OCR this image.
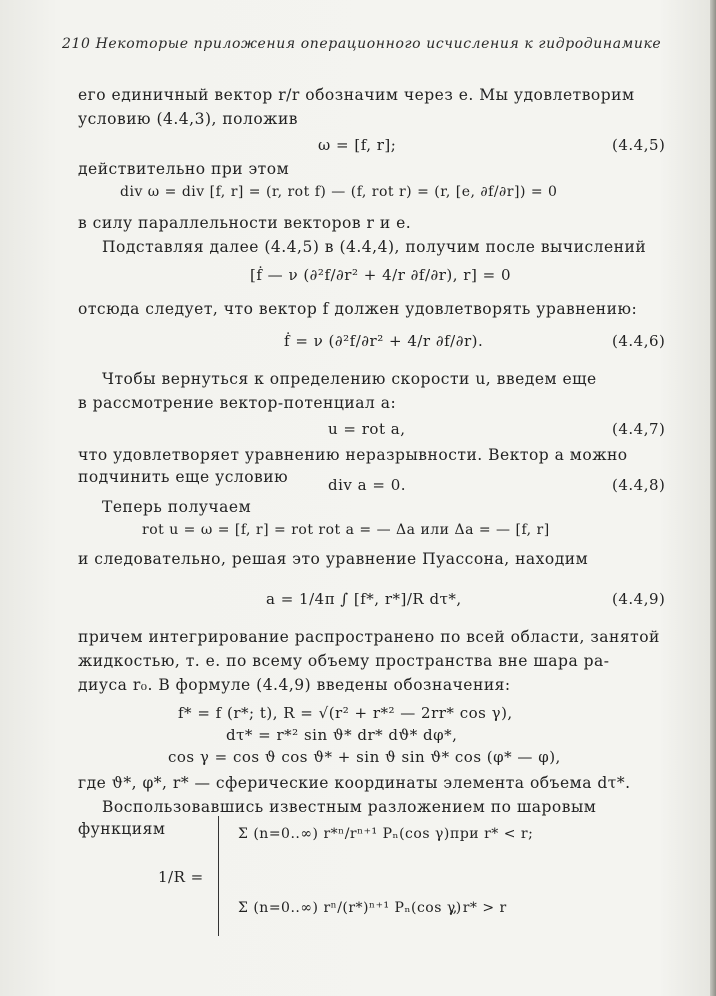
210 Некоторые приложения операционного исчисления к гидродинамике
его единичный вектор r/r обозначим через e. Мы удовлетворим
условию (4.4,3), положив
ω = [f, r];	(4.4,5)
действительно при этом
div ω = div [f, r] = (r, rot f) — (f, rot r) = (r, [e, ∂f/∂r]) = 0
в силу параллельности векторов r и e.
Подставляя далее (4.4,5) в (4.4,4), получим после вычислений
[ḟ — ν (∂²f/∂r² + 4/r ∂f/∂r), r] = 0
отсюда следует, что вектор f должен удовлетворять уравнению:
ḟ = ν (∂²f/∂r² + 4/r ∂f/∂r).	(4.4,6)
Чтобы вернуться к определению скорости u, введем еще
в рассмотрение вектор-потенциал a:
u = rot a,	(4.4,7)
что удовлетворяет уравнению неразрывности. Вектор a можно
подчинить еще условию	div a = 0.	(4.4,8)
Теперь получаем
rot u = ω = [f, r] = rot rot a = — Δa или Δa = — [f, r]
и следовательно, решая это уравнение Пуассона, находим
a = 1/4π ∫ [f*, r*]/R dτ*,	(4.4,9)
причем интегрирование распространено по всей области, занятой
жидкостью, т. е. по всему объему пространства вне шара ра-
диуса r₀. В формуле (4.4,9) введены обозначения:
f* = f (r*; t), R = √(r² + r*² — 2rr* cos γ),
dτ* = r*² sin ϑ* dr* dϑ* dφ*,
cos γ = cos ϑ cos ϑ* + sin ϑ sin ϑ* cos (φ* — φ),
где ϑ*, φ*, r* — сферические координаты элемента объема dτ*.
Воспользовавшись известным разложением по шаровым
функциям
1/R =
Σ (n=0..∞) r*ⁿ/rⁿ⁺¹ Pₙ(cos γ) при r* < r;
Σ (n=0..∞) rⁿ/(r*)ⁿ⁺¹ Pₙ(cos γ)
„ r* > r
